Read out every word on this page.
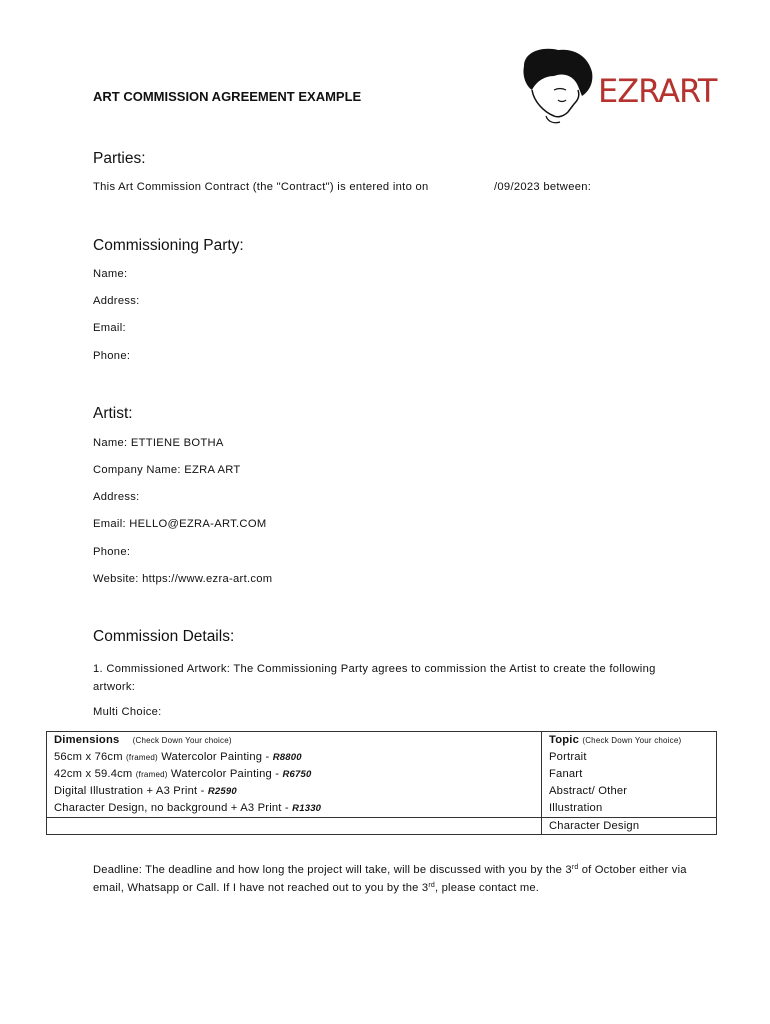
EZRART
ART COMMISSION AGREEMENT EXAMPLE
Parties:
This Art Commission Contract (the "Contract") is entered into on	/09/2023 between:
Commissioning Party:
Name:
Address:
Email:
Phone:
Artist:
Name: ETTIENE BOTHA
Company Name: EZRA ART
Address:
Email: HELLO@EZRA-ART.COM
Phone:
Website: https://www.ezra-art.com
Commission Details:
1. Commissioned Artwork: The Commissioning Party agrees to commission the Artist to create the following artwork:
Multi Choice:
Dimensions (Check Down Your choice)	Topic (Check Down Your choice)
56cm x 76cm (framed) Watercolor Painting - R8800	Portrait
42cm x 59.4cm (framed) Watercolor Painting - R6750	Fanart
Digital Illustration + A3 Print - R2590	Abstract/ Other
Character Design, no background + A3 Print - R1330	Illustration
	Character Design
Deadline: The deadline and how long the project will take, will be discussed with you by the 3rd of October either via email, Whatsapp or Call. If I have not reached out to you by the 3rd, please contact me.
